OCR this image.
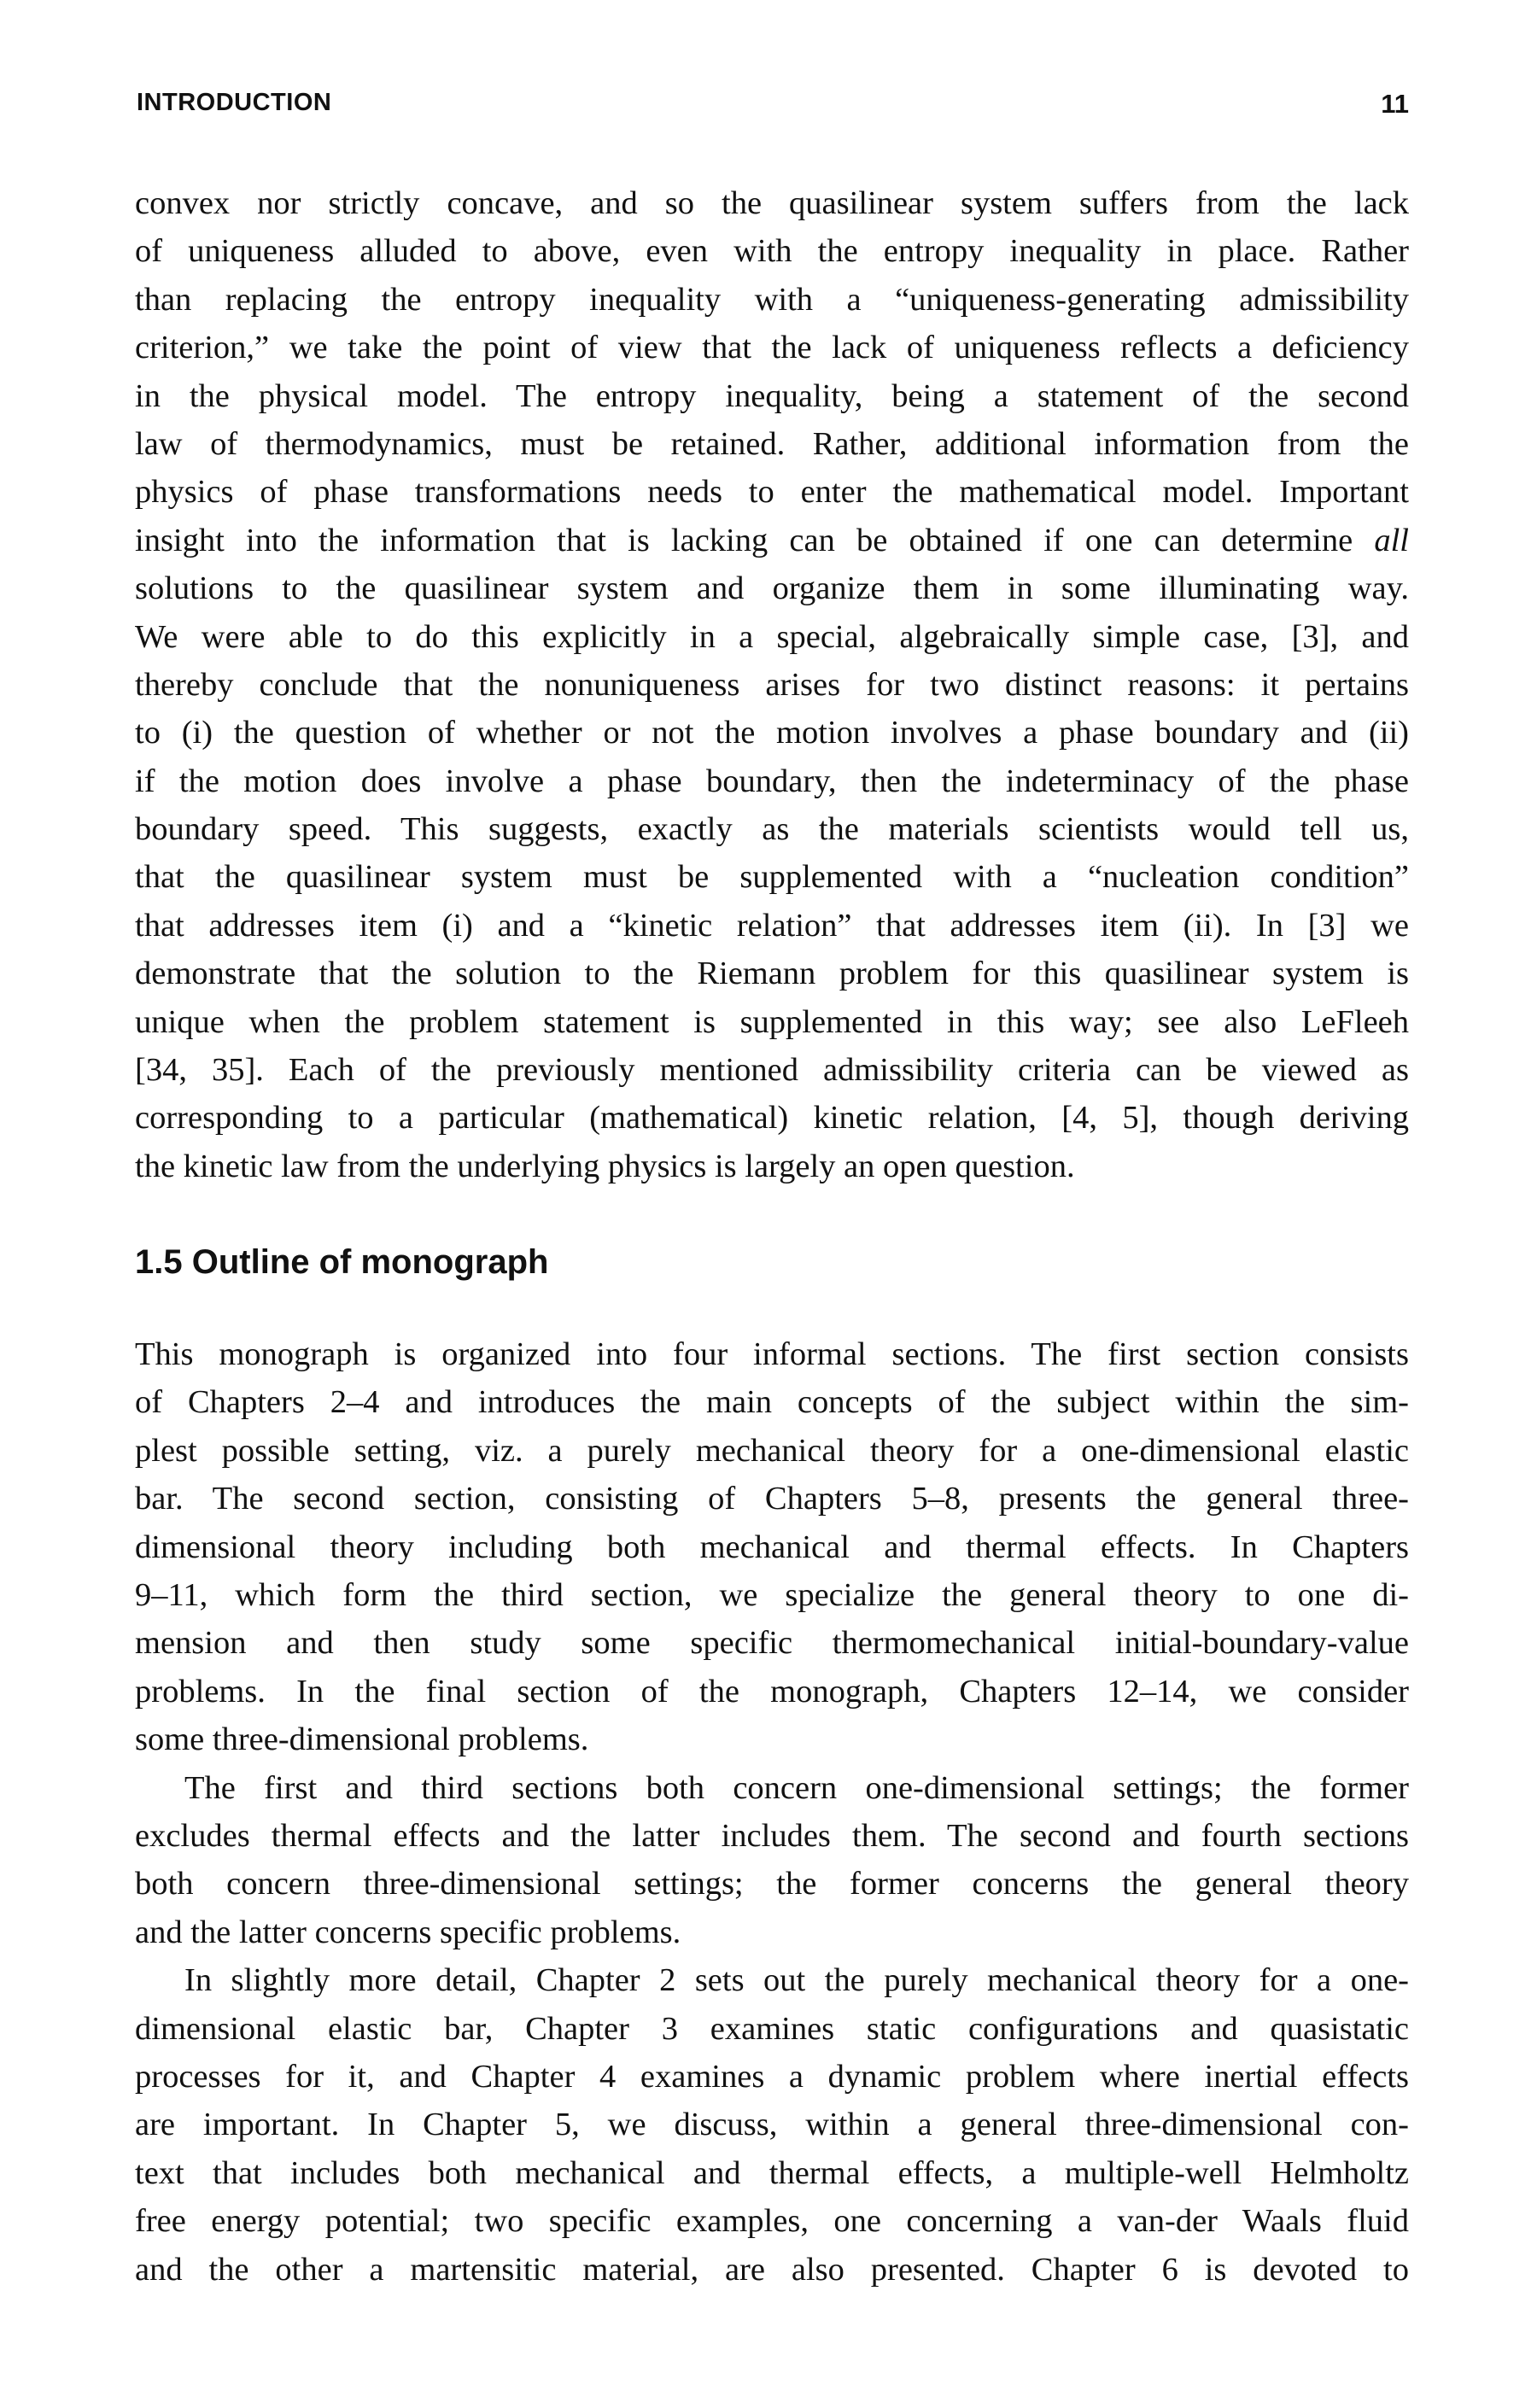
INTRODUCTION	11
convex nor strictly concave, and so the quasilinear system suffers from the lack
of uniqueness alluded to above, even with the entropy inequality in place. Rather
than replacing the entropy inequality with a “uniqueness-generating admissibility
criterion,” we take the point of view that the lack of uniqueness reflects a deficiency
in the physical model. The entropy inequality, being a statement of the second
law of thermodynamics, must be retained. Rather, additional information from the
physics of phase transformations needs to enter the mathematical model. Important
insight into the information that is lacking can be obtained if one can determine all
solutions to the quasilinear system and organize them in some illuminating way.
We were able to do this explicitly in a special, algebraically simple case, [3], and
thereby conclude that the nonuniqueness arises for two distinct reasons: it pertains
to (i) the question of whether or not the motion involves a phase boundary and (ii)
if the motion does involve a phase boundary, then the indeterminacy of the phase
boundary speed. This suggests, exactly as the materials scientists would tell us,
that the quasilinear system must be supplemented with a “nucleation condition”
that addresses item (i) and a “kinetic relation” that addresses item (ii). In [3] we
demonstrate that the solution to the Riemann problem for this quasilinear system is
unique when the problem statement is supplemented in this way; see also LeFleeh
[34, 35]. Each of the previously mentioned admissibility criteria can be viewed as
corresponding to a particular (mathematical) kinetic relation, [4, 5], though deriving
the kinetic law from the underlying physics is largely an open question.
1.5 Outline of monograph
This monograph is organized into four informal sections. The first section consists
of Chapters 2–4 and introduces the main concepts of the subject within the sim-
plest possible setting, viz. a purely mechanical theory for a one-dimensional elastic
bar. The second section, consisting of Chapters 5–8, presents the general three-
dimensional theory including both mechanical and thermal effects. In Chapters
9–11, which form the third section, we specialize the general theory to one di-
mension and then study some specific thermomechanical initial-boundary-value
problems. In the final section of the monograph, Chapters 12–14, we consider
some three-dimensional problems.
The first and third sections both concern one-dimensional settings; the former
excludes thermal effects and the latter includes them. The second and fourth sections
both concern three-dimensional settings; the former concerns the general theory
and the latter concerns specific problems.
In slightly more detail, Chapter 2 sets out the purely mechanical theory for a one-
dimensional elastic bar, Chapter 3 examines static configurations and quasistatic
processes for it, and Chapter 4 examines a dynamic problem where inertial effects
are important. In Chapter 5, we discuss, within a general three-dimensional con-
text that includes both mechanical and thermal effects, a multiple-well Helmholtz
free energy potential; two specific examples, one concerning a van-der Waals fluid
and the other a martensitic material, are also presented. Chapter 6 is devoted to
